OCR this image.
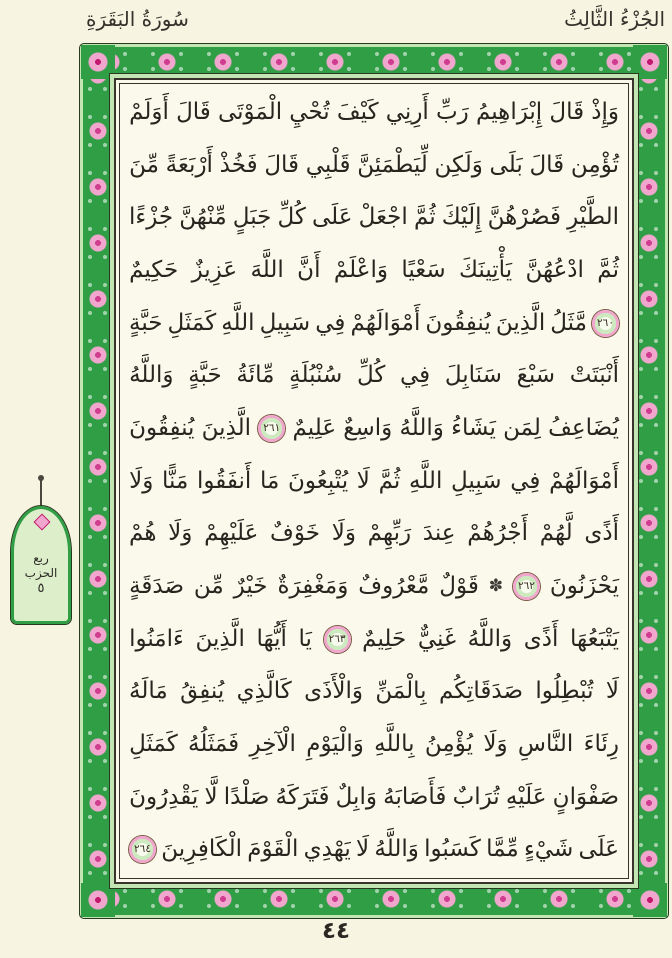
الجُزْءُ الثَّالِثُ
سُورَةُ البَقَرَةِ
وَإِذْ
قَالَ
إِبْرَاهِيمُ
رَبِّ
أَرِنِي
كَيْفَ
تُحْيِ
الْمَوْتَى
قَالَ
أَوَلَمْ
تُؤْمِن
قَالَ
بَلَى
وَلَكِن
لِّيَطْمَئِنَّ
قَلْبِي
قَالَ
فَخُذْ
أَرْبَعَةً
مِّنَ
الطَّيْرِ
فَصُرْهُنَّ
إِلَيْكَ
ثُمَّ
اجْعَلْ
عَلَى
كُلِّ
جَبَلٍ
مِّنْهُنَّ
جُزْءًا
ثُمَّ
ادْعُهُنَّ
يَأْتِينَكَ
سَعْيًا
وَاعْلَمْ
أَنَّ
اللَّهَ
عَزِيزٌ
حَكِيمٌ
٢٦٠
مَّثَلُ
الَّذِينَ
يُنفِقُونَ
أَمْوَالَهُمْ
فِي
سَبِيلِ
اللَّهِ
كَمَثَلِ
حَبَّةٍ
أَنْبَتَتْ
سَبْعَ
سَنَابِلَ
فِي
كُلِّ
سُنْبُلَةٍ
مِّائَةُ
حَبَّةٍ
وَاللَّهُ
يُضَاعِفُ
لِمَن
يَشَاءُ
وَاللَّهُ
وَاسِعٌ
عَلِيمٌ
٢٦١
الَّذِينَ
يُنفِقُونَ
أَمْوَالَهُمْ
فِي
سَبِيلِ
اللَّهِ
ثُمَّ
لَا
يُتْبِعُونَ
مَا
أَنفَقُوا
مَنًّا
وَلَا
أَذًى
لَّهُمْ
أَجْرُهُمْ
عِندَ
رَبِّهِمْ
وَلَا
خَوْفٌ
عَلَيْهِمْ
وَلَا
هُمْ
يَحْزَنُونَ
٢٦٢
✽
قَوْلٌ
مَّعْرُوفٌ
وَمَغْفِرَةٌ
خَيْرٌ
مِّن
صَدَقَةٍ
يَتْبَعُهَا
أَذًى
وَاللَّهُ
غَنِيٌّ
حَلِيمٌ
٢٦٣
يَا
أَيُّهَا
الَّذِينَ
ءَامَنُوا
لَا
تُبْطِلُوا
صَدَقَاتِكُم
بِالْمَنِّ
وَالْأَذَى
كَالَّذِي
يُنفِقُ
مَالَهُ
رِئَاءَ
النَّاسِ
وَلَا
يُؤْمِنُ
بِاللَّهِ
وَالْيَوْمِ
الْآخِرِ
فَمَثَلُهُ
كَمَثَلِ
صَفْوَانٍ
عَلَيْهِ
تُرَابٌ
فَأَصَابَهُ
وَابِلٌ
فَتَرَكَهُ
صَلْدًا
لَّا
يَقْدِرُونَ
عَلَى
شَيْءٍ
مِّمَّا
كَسَبُوا
وَاللَّهُ
لَا
يَهْدِي
الْقَوْمَ
الْكَافِرِينَ
٢٦٤
ربع
الحزب
٥
٤٤
